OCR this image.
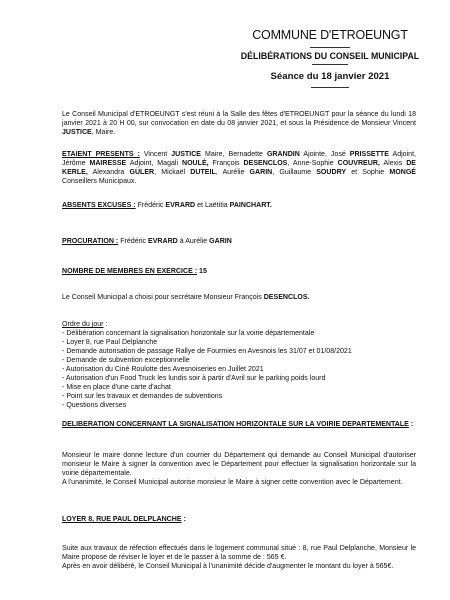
COMMUNE D'ETROEUNGT
DÉLIBÉRATIONS DU CONSEIL MUNICIPAL
Séance du 18 janvier 2021
Le Conseil Municipal d'ETROEUNGT s'est réuni à la Salle des fêtes d'ETROEUNGT pour la séance du lundi 18 janvier 2021 à 20 H 00, sur convocation en date du 08 janvier 2021, et sous la Présidence de Monsieur Vincent JUSTICE, Maire.
ETAIENT PRESENTS : Vincent JUSTICE Maire, Bernadette GRANDIN Ajointe, José PRISSETTE Adjoint, Jérôme MAIRESSE Adjoint, Magali NOULÉ, François DESENCLOS, Anne-Sophie COUVREUR, Alexis DE KERLE, Alexandra GÜLER, Mickaël DUTEIL, Aurélie GARIN, Guillaume SOUDRY et Sophie MONGÉ Conseillers Municipaux.
ABSENTS EXCUSES : Frédéric EVRARD et Laëtitia PAINCHART.
PROCURATION : Frédéric EVRARD à Aurélie GARIN
NOMBRE DE MEMBRES EN EXERCICE : 15
Le Conseil Municipal a choisi pour secrétaire Monsieur François DESENCLOS.
Ordre du jour :
- Délibération concernant la signalisation horizontale sur la voirie départementale
- Loyer 8, rue Paul Delplanche
- Demande autorisation de passage Rallye de Fourmies en Avesnois les 31/07 et 01/08/2021
- Demande de subvention exceptionnelle
- Autorisation du Ciné Roulotte des Avesnoiseries en Juillet 2021
- Autorisation d'un Food Truck les lundis soir à partir d'Avril sur le parking poids lourd
- Mise en place d'une carte d'achat
- Point sur les travaux et demandes de subventions
- Questions diverses
DELIBERATION CONCERNANT LA SIGNALISATION HORIZONTALE SUR LA VOIRIE DEPARTEMENTALE :
Monsieur le maire donne lecture d'un courrier du Département qui demande au Conseil Municipal d'autoriser monsieur le Maire à signer la convention avec le Département pour effectuer la signalisation horizontale sur la voirie départementale.
A l'unanimité, le Conseil Municipal autorise monsieur le Maire à signer cette convention avec le Département.
LOYER 8, RUE PAUL DELPLANCHE :
Suite aux travaux de réfection effectués dans le logement communal situé : 8, rue Paul Delplanche, Monsieur le Maire propose de réviser le loyer et de le passer à la somme de : 565 €.
Après en avoir délibéré, le Conseil Municipal à l'unanimité décide d'augmenter le montant du loyer à 565€.
